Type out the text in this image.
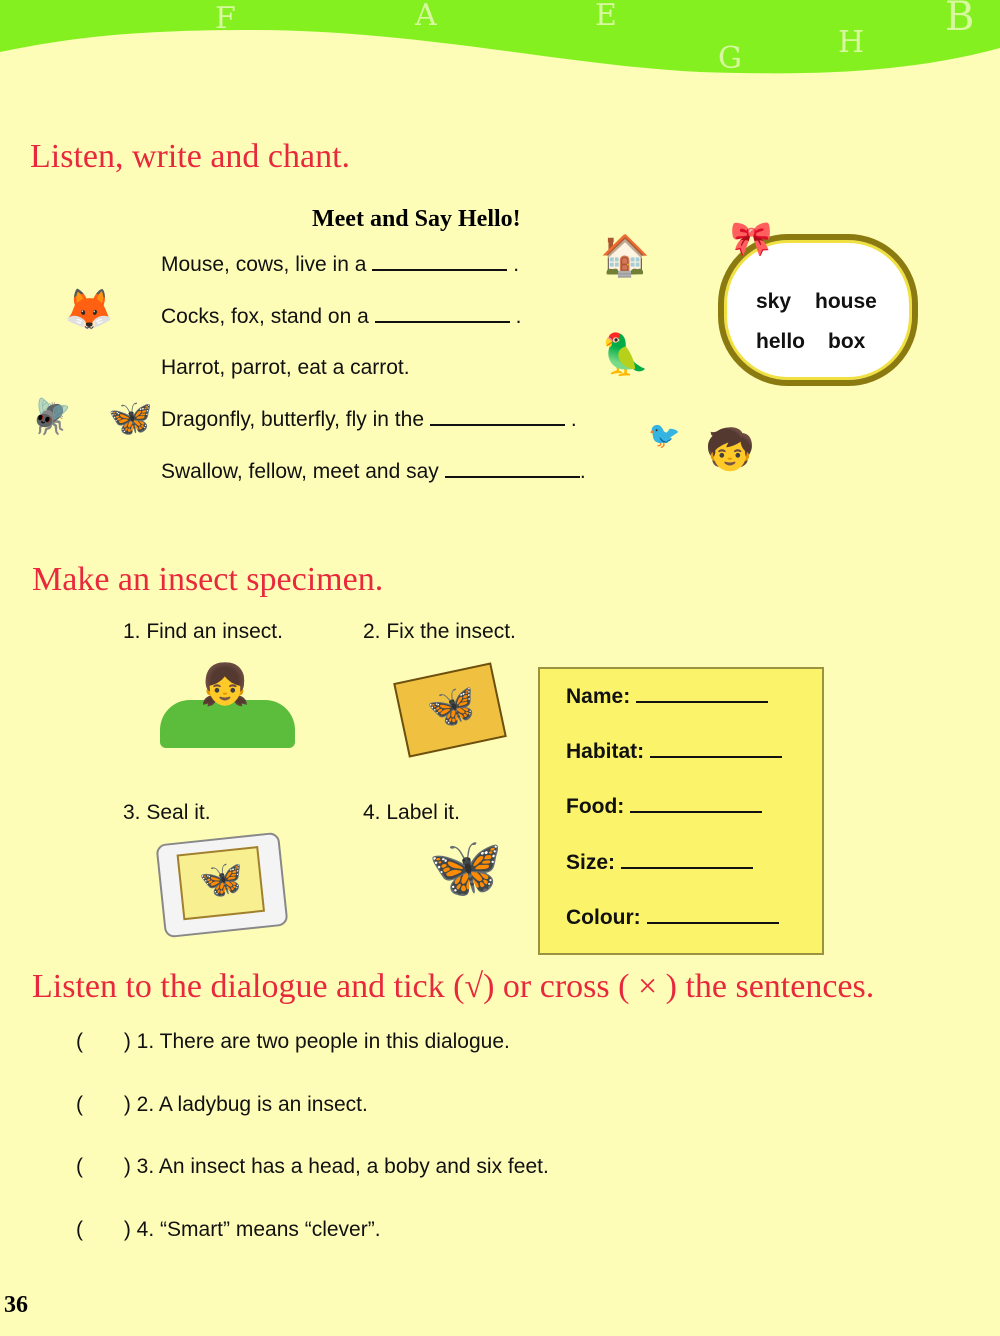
F	A	E
G	H
B
Listen, write and chant.
Meet and Say Hello!
Mouse, cows, live in a	.
Cocks, fox, stand on a	.
Harrot, parrot, eat a carrot.
Dragonfly, butterfly, fly in the	.
Swallow, fellow, meet and say	.
🦊
🏠
🦜
🪰 🦋	🐦 🧒
🎀
sky house
hello box
Make an insect specimen.
1. Find an insect.	2. Fix the insect.
3. Seal it.	4. Label it.
👧	🦋
🦋	🦋
Name:
Habitat:
Food:
Size:
Colour:
Listen to the dialogue and tick (√) or cross ( × ) the sentences.
(       ) 1. There are two people in this dialogue.
(       ) 2. A ladybug is an insect.
(       ) 3. An insect has a head, a boby and six feet.
(       ) 4. “Smart” means “clever”.
36
